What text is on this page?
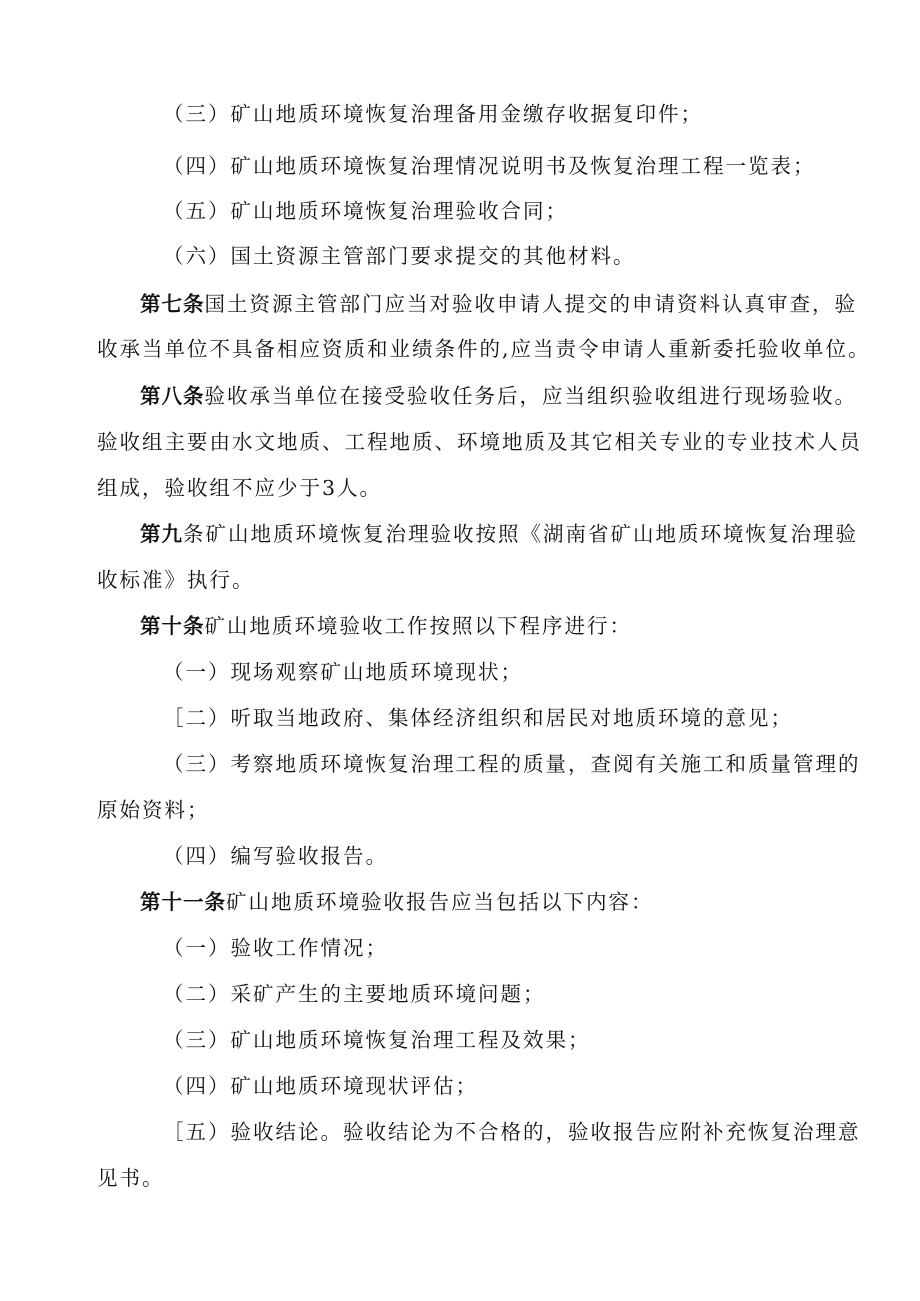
（三）矿山地质环境恢复治理备用金缴存收据复印件；
（四）矿山地质环境恢复治理情况说明书及恢复治理工程一览表；
（五）矿山地质环境恢复治理验收合同；
（六）国土资源主管部门要求提交的其他材料。
第七条国土资源主管部门应当对验收申请人提交的申请资料认真审查，验
收承当单位不具备相应资质和业绩条件的,应当责令申请人重新委托验收单位。
第八条验收承当单位在接受验收任务后，应当组织验收组进行现场验收。
验收组主要由水文地质、工程地质、环境地质及其它相关专业的专业技术人员
组成，验收组不应少于3人。
第九条矿山地质环境恢复治理验收按照《湖南省矿山地质环境恢复治理验
收标准》执行。
第十条矿山地质环境验收工作按照以下程序进行：
（一）现场观察矿山地质环境现状；
［二）听取当地政府、集体经济组织和居民对地质环境的意见；
（三）考察地质环境恢复治理工程的质量，查阅有关施工和质量管理的
原始资料；
（四）编写验收报告。
第十一条矿山地质环境验收报告应当包括以下内容：
（一）验收工作情况；
（二）采矿产生的主要地质环境问题；
（三）矿山地质环境恢复治理工程及效果；
（四）矿山地质环境现状评估；
［五）验收结论。验收结论为不合格的，验收报告应附补充恢复治理意
见书。
